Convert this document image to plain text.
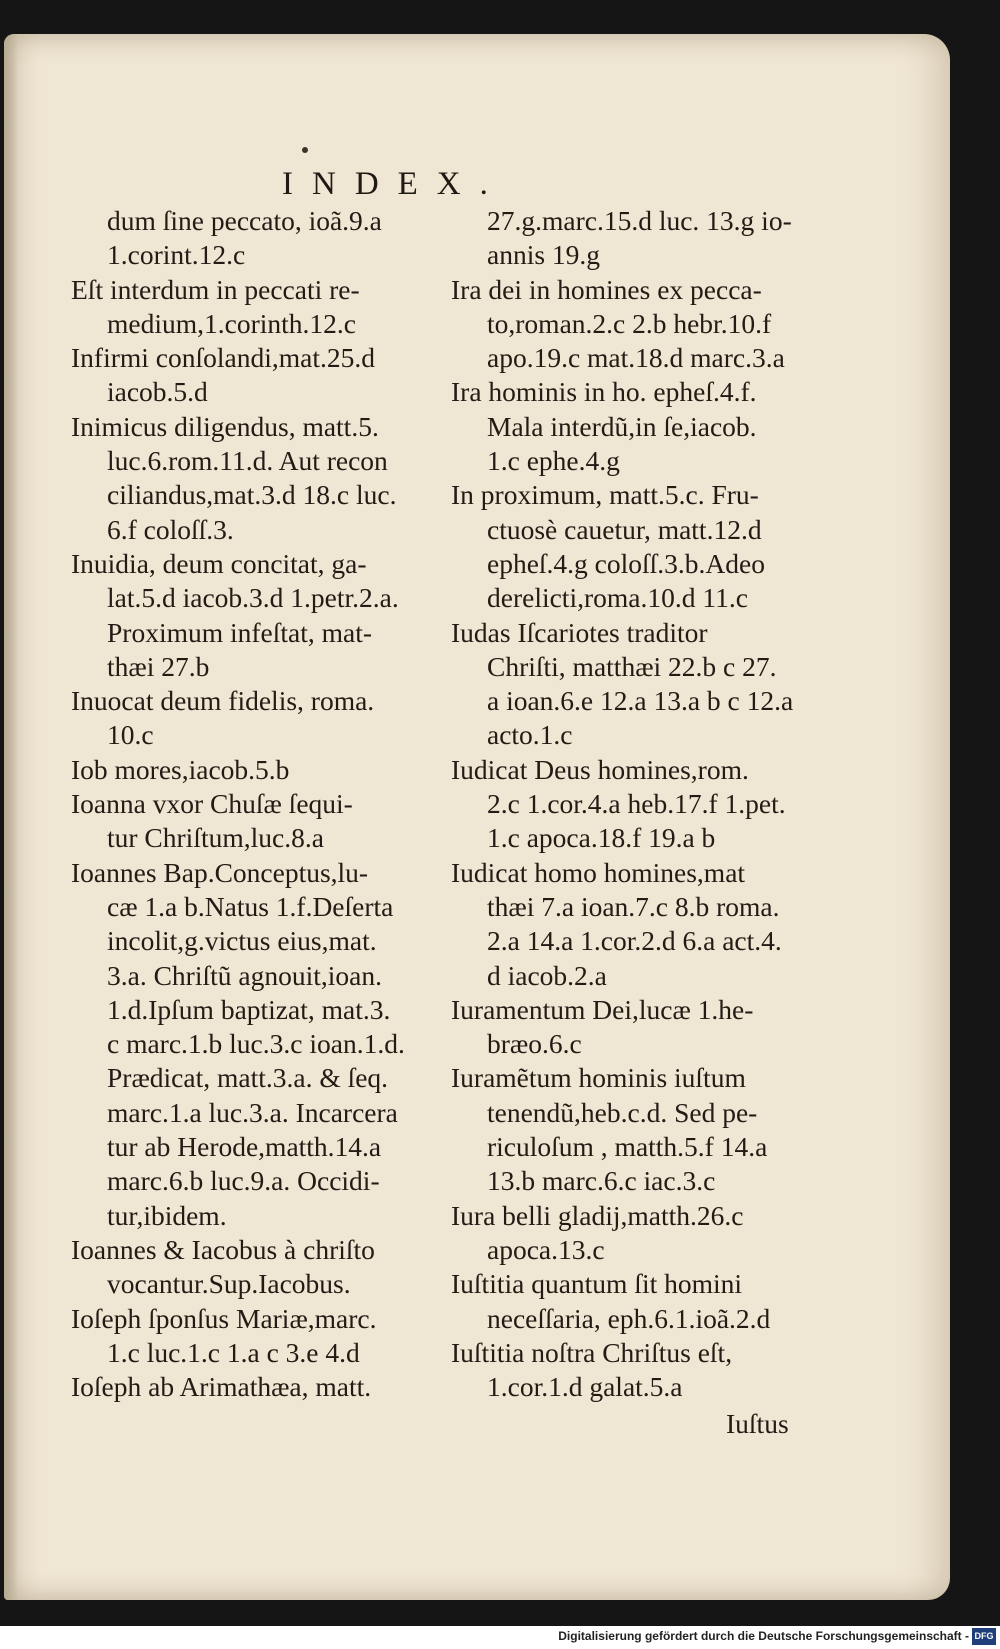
INDEX.
dum ſine peccato, ioã.9.a
1.corint.12.c
Eſt interdum in peccati re-
medium,1.corinth.12.c
Infirmi conſolandi,mat.25.d
iacob.5.d
Inimicus diligendus, matt.5.
luc.6.rom.11.d. Aut recon
ciliandus,mat.3.d 18.c luc.
6.f coloſſ.3.
Inuidia, deum concitat, ga-
lat.5.d iacob.3.d 1.petr.2.a.
Proximum infeſtat, mat-
thæi 27.b
Inuocat deum fidelis, roma.
10.c
Iob mores,iacob.5.b
Ioanna vxor Chuſæ ſequi-
tur Chriſtum,luc.8.a
Ioannes Bap.Conceptus,lu-
cæ 1.a b.Natus 1.f.Deſerta
incolit,g.victus eius,mat.
3.a. Chriſtũ agnouit,ioan.
1.d.Ipſum baptizat, mat.3.
c marc.1.b luc.3.c ioan.1.d.
Prædicat, matt.3.a. & ſeq.
marc.1.a luc.3.a. Incarcera
tur ab Herode,matth.14.a
marc.6.b luc.9.a. Occidi-
tur,ibidem.
Ioannes & Iacobus à chriſto
vocantur.Sup.Iacobus.
Ioſeph ſponſus Mariæ,marc.
1.c luc.1.c 1.a c 3.e 4.d
Ioſeph ab Arimathæa, matt.
27.g.marc.15.d luc. 13.g io-
annis 19.g
Ira dei in homines ex pecca-
to,roman.2.c 2.b hebr.10.f
apo.19.c mat.18.d marc.3.a
Ira hominis in ho. epheſ.4.f.
Mala interdũ,in ſe,iacob.
1.c ephe.4.g
In proximum, matt.5.c. Fru-
ctuosè cauetur, matt.12.d
epheſ.4.g coloſſ.3.b.Adeo
derelicti,roma.10.d 11.c
Iudas Iſcariotes traditor
Chriſti, matthæi 22.b c 27.
a ioan.6.e 12.a 13.a b c 12.a
acto.1.c
Iudicat Deus homines,rom.
2.c 1.cor.4.a heb.17.f 1.pet.
1.c apoca.18.f 19.a b
Iudicat homo homines,mat
thæi 7.a ioan.7.c 8.b roma.
2.a 14.a 1.cor.2.d 6.a act.4.
d iacob.2.a
Iuramentum Dei,lucæ 1.he-
bræo.6.c
Iuramẽtum hominis iuſtum
tenendũ,heb.c.d. Sed pe-
riculoſum , matth.5.f 14.a
13.b marc.6.c iac.3.c
Iura belli gladij,matth.26.c
apoca.13.c
Iuſtitia quantum ſit homini
neceſſaria, eph.6.1.ioã.2.d
Iuſtitia noſtra Chriſtus eſt,
1.cor.1.d galat.5.a
Iuſtus
Digitalisierung gefördert durch die Deutsche Forschungsgemeinschaft - DFG
